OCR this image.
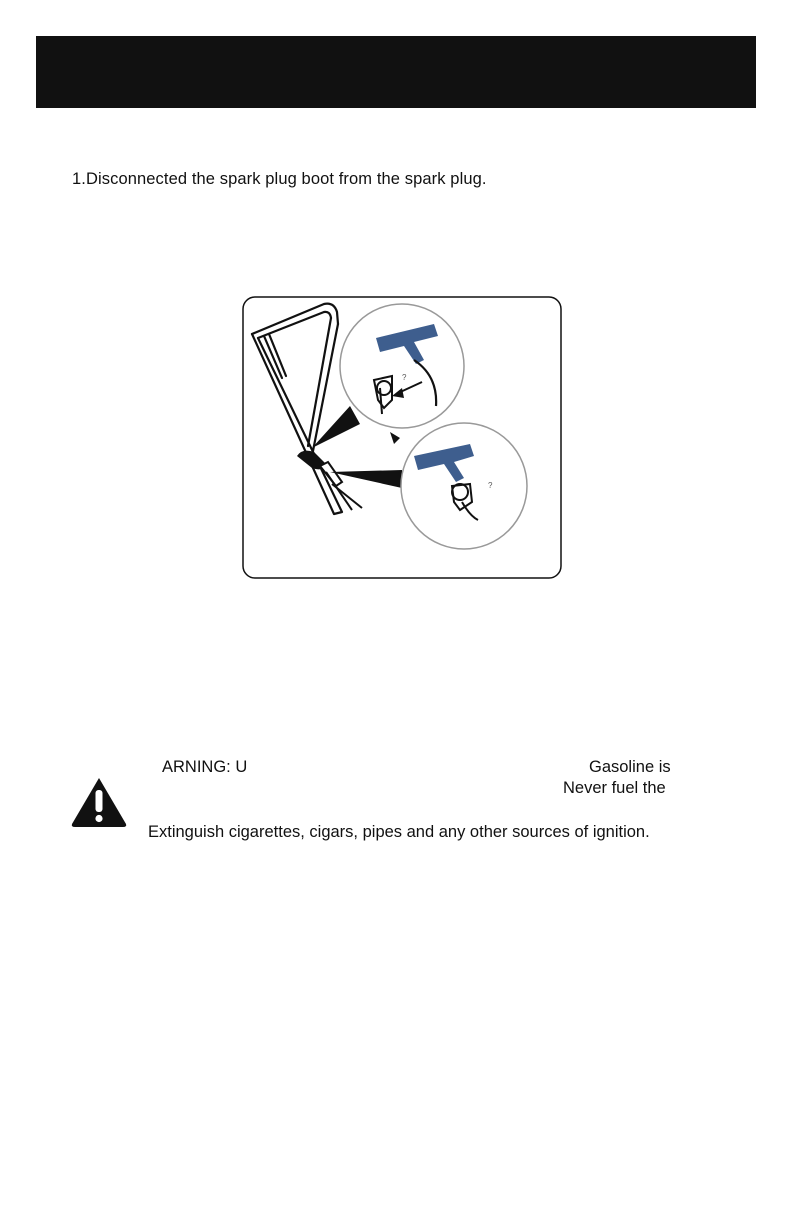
1.Disconnected the spark plug boot from the spark plug.
?
?
ARNING: U	Gasoline is
Never fuel the
Extinguish cigarettes, cigars, pipes and any other sources of ignition.
